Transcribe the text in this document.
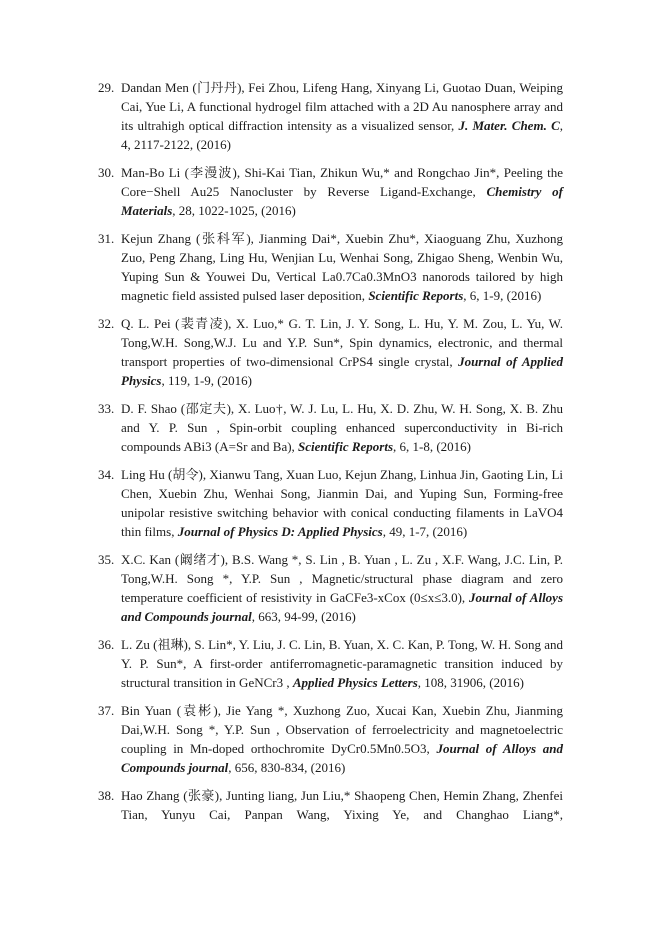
29. Dandan Men (门丹丹), Fei Zhou, Lifeng Hang, Xinyang Li, Guotao Duan, Weiping Cai, Yue Li, A functional hydrogel film attached with a 2D Au nanosphere array and its ultrahigh optical diffraction intensity as a visualized sensor, J. Mater. Chem. C, 4, 2117-2122, (2016)
30. Man-Bo Li (李漫波), Shi-Kai Tian, Zhikun Wu,* and Rongchao Jin*, Peeling the Core−Shell Au25 Nanocluster by Reverse Ligand-Exchange, Chemistry of Materials, 28, 1022-1025, (2016)
31. Kejun Zhang (张科军), Jianming Dai*, Xuebin Zhu*, Xiaoguang Zhu, Xuzhong Zuo, Peng Zhang, Ling Hu, Wenjian Lu, Wenhai Song, Zhigao Sheng, Wenbin Wu, Yuping Sun & Youwei Du, Vertical La0.7Ca0.3MnO3 nanorods tailored by high magnetic field assisted pulsed laser deposition, Scientific Reports, 6, 1-9, (2016)
32. Q. L. Pei (裴青凌), X. Luo,* G. T. Lin, J. Y. Song, L. Hu, Y. M. Zou, L. Yu, W. Tong,W.H. Song,W.J. Lu and Y.P. Sun*, Spin dynamics, electronic, and thermal transport properties of two-dimensional CrPS4 single crystal, Journal of Applied Physics, 119, 1-9, (2016)
33. D. F. Shao (邵定夫), X. Luo†, W. J. Lu, L. Hu, X. D. Zhu, W. H. Song, X. B. Zhu and Y. P. Sun , Spin-orbit coupling enhanced superconductivity in Bi-rich compounds ABi3 (A=Sr and Ba), Scientific Reports, 6, 1-8, (2016)
34. Ling Hu (胡令), Xianwu Tang, Xuan Luo, Kejun Zhang, Linhua Jin, Gaoting Lin, Li Chen, Xuebin Zhu, Wenhai Song, Jianmin Dai, and Yuping Sun, Forming-free unipolar resistive switching behavior with conical conducting filaments in LaVO4 thin films, Journal of Physics D: Applied Physics, 49, 1-7, (2016)
35. X.C. Kan (阚绪才), B.S. Wang *, S. Lin , B. Yuan , L. Zu , X.F. Wang, J.C. Lin, P. Tong,W.H. Song *, Y.P. Sun , Magnetic/structural phase diagram and zero temperature coefficient of resistivity in GaCFe3-xCox (0≤x≤3.0), Journal of Alloys and Compounds journal, 663, 94-99, (2016)
36. L. Zu (祖琳), S. Lin*, Y. Liu, J. C. Lin, B. Yuan, X. C. Kan, P. Tong, W. H. Song and Y. P. Sun*, A first-order antiferromagnetic-paramagnetic transition induced by structural transition in GeNCr3 , Applied Physics Letters, 108, 31906, (2016)
37. Bin Yuan (袁彬), Jie Yang *, Xuzhong Zuo, Xucai Kan, Xuebin Zhu, Jianming Dai,W.H. Song *, Y.P. Sun , Observation of ferroelectricity and magnetoelectric coupling in Mn-doped orthochromite DyCr0.5Mn0.5O3, Journal of Alloys and Compounds journal, 656, 830-834, (2016)
38. Hao Zhang (张豪), Junting liang, Jun Liu,* Shaopeng Chen, Hemin Zhang, Zhenfei Tian, Yunyu Cai, Panpan Wang, Yixing Ye, and Changhao Liang*,
